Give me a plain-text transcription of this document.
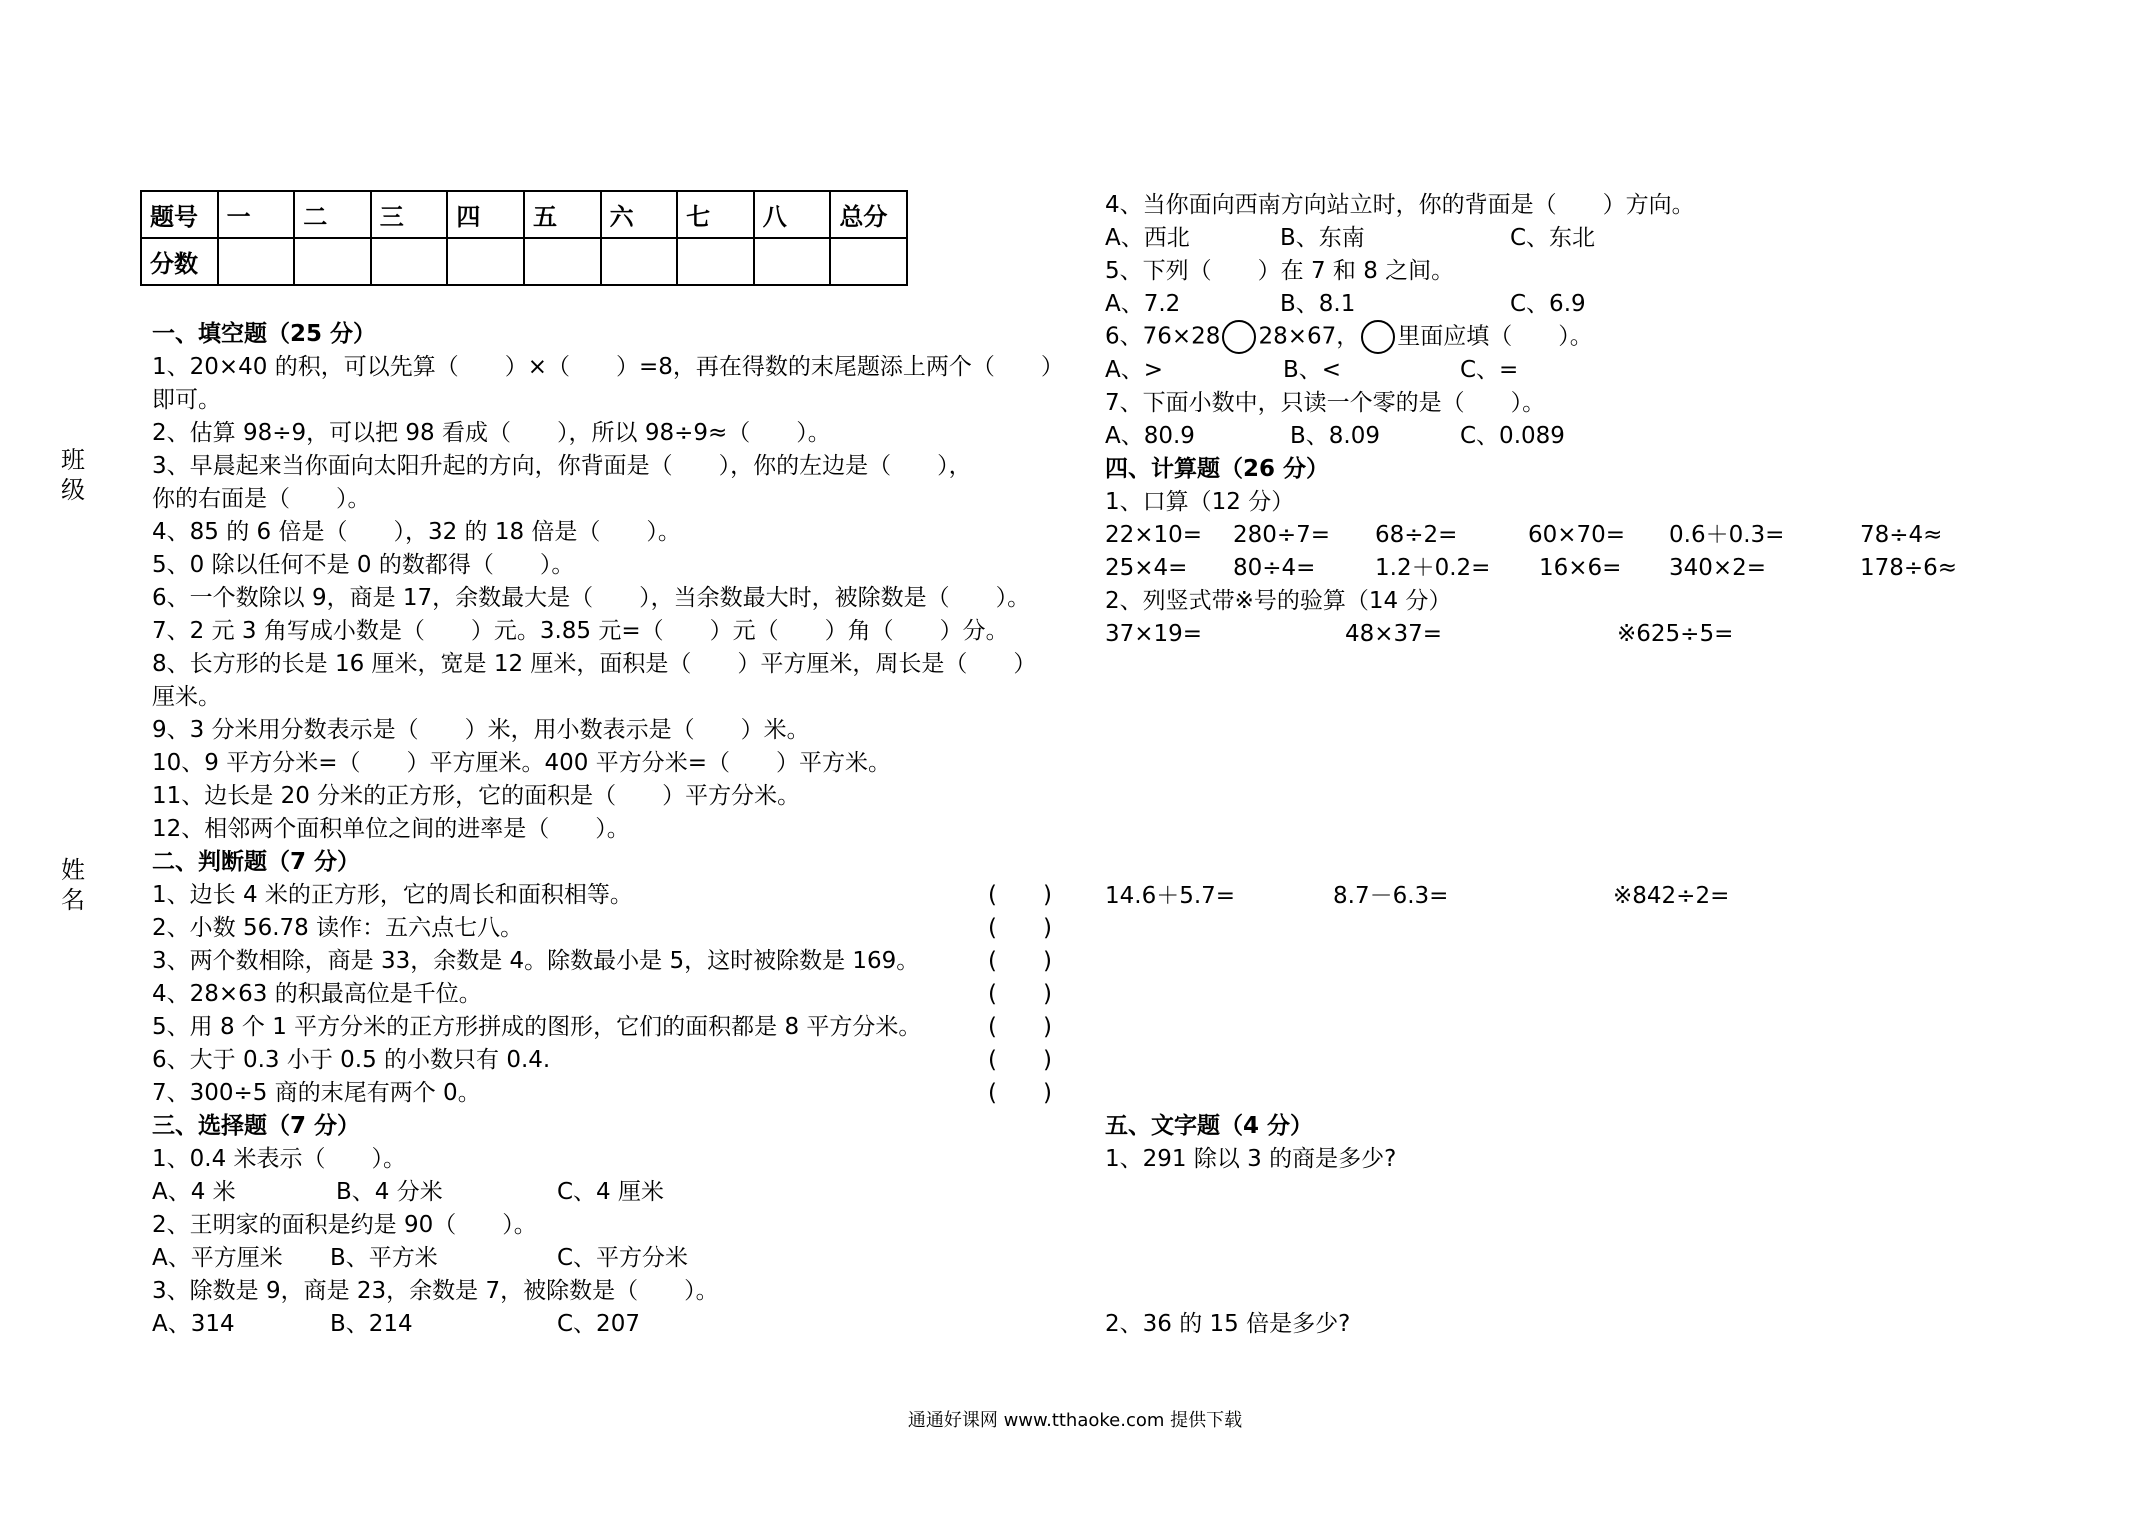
题号	一	二	三	四	五	六	七	八	总分
分数									
班级
姓名
一、填空题（25 分）
1、20×40 的积，可以先算（　　）×（　　）=8，再在得数的末尾题添上两个（　　）
即可。
2、估算 98÷9，可以把 98 看成（　　），所以 98÷9≈（　　）。
3、早晨起来当你面向太阳升起的方向，你背面是（　　），你的左边是（　　），
你的右面是（　　）。
4、85 的 6 倍是（　　），32 的 18 倍是（　　）。
5、0 除以任何不是 0 的数都得（　　）。
6、一个数除以 9，商是 17，余数最大是（　　），当余数最大时，被除数是（　　）。
7、2 元 3 角写成小数是（　　）元。3.85 元=（　　）元（　　）角（　　）分。
8、长方形的长是 16 厘米，宽是 12 厘米，面积是（　　）平方厘米，周长是（　　）
厘米。
9、3 分米用分数表示是（　　）米，用小数表示是（　　）米。
10、9 平方分米=（　　）平方厘米。400 平方分米=（　　）平方米。
11、边长是 20 分米的正方形，它的面积是（　　）平方分米。
12、相邻两个面积单位之间的进率是（　　）。
二、判断题（7 分）
1、边长 4 米的正方形，它的周长和面积相等。
2、小数 56.78 读作：五六点七八。
3、两个数相除，商是 33，余数是 4。除数最小是 5，这时被除数是 169。
4、28×63 的积最高位是千位。
5、用 8 个 1 平方分米的正方形拼成的图形，它们的面积都是 8 平方分米。
6、大于 0.3 小于 0.5 的小数只有 0.4.
7、300÷5 商的末尾有两个 0。
(　　)
(　　)
(　　)
(　　)
(　　)
(　　)
(　　)
三、选择题（7 分）
1、0.4 米表示（　　）。
A、4 米	B、4 分米	C、4 厘米
2、王明家的面积是约是 90（　　）。
A、平方厘米 B、平方米	C、平方分米
3、除数是 9，商是 23，余数是 7，被除数是（　　）。
A、314	B、214	C、207
4、当你面向西南方向站立时，你的背面是（　　）方向。
A、西北	B、东南	C、东北
5、下列（　　）在 7 和 8 之间。
A、7.2	B、8.1	C、6.9
6、76×28 28×67， 里面应填（　　）。
A、>	B、<	C、=
7、下面小数中，只读一个零的是（　　）。
A、80.9	B、8.09	C、0.089
四、计算题（26 分）
1、口算（12 分）
22×10= 280÷7= 68÷2=	60×70= 0.6＋0.3=	78÷4≈
25×4= 80÷4=	1.2＋0.2= 16×6= 340×2=	178÷6≈
2、列竖式带※号的验算（14 分）
37×19=	48×37=	※625÷5=
14.6＋5.7=	8.7－6.3=	※842÷2=
五、文字题（4 分）
1、291 除以 3 的商是多少?
2、36 的 15 倍是多少?
通通好课网 www.tthaoke.com 提供下载
